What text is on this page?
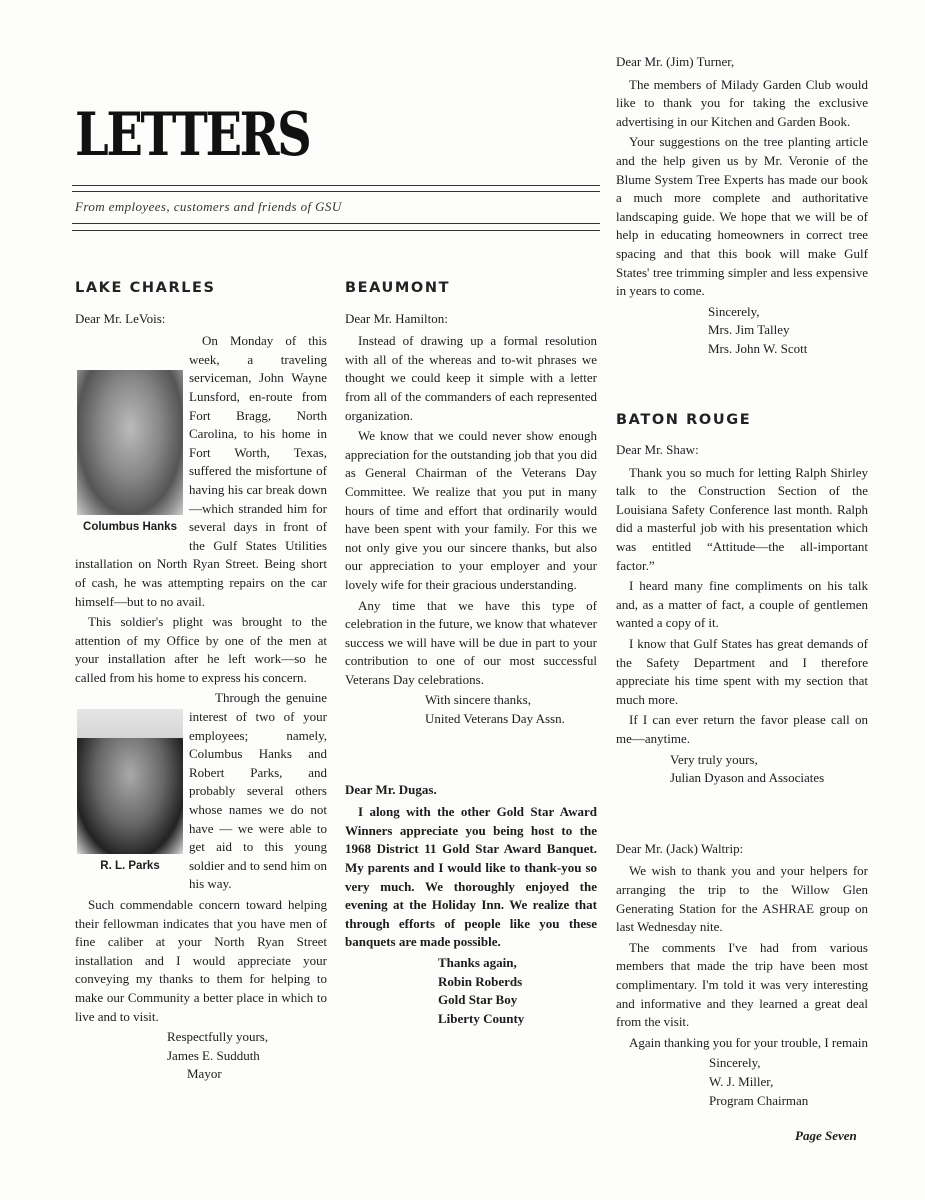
LETTERS
From employees, customers and friends of GSU
LAKE CHARLES

Dear Mr. LeVois:

Columbus Hanks

On Monday of this week, a traveling serviceman, John Wayne Lunsford, en-route from Fort Bragg, North Carolina, to his home in Fort Worth, Texas, suffered the misfortune of having his car break down—which stranded him for several days in front of the Gulf States Utilities installation on North Ryan Street. Being short of cash, he was attempting repairs on the car himself—but to no avail.

This soldier's plight was brought to the attention of my Office by one of the men at your installation after he left work—so he called from his home to express his concern.

R. L. Parks

Through the genuine interest of two of your employees; namely, Columbus Hanks and Robert Parks, and probably several others whose names we do not have — we were able to get aid to this young soldier and to send him on his way.

Such commendable concern toward helping their fellowman indicates that you have men of fine caliber at your North Ryan Street installation and I would appreciate your conveying my thanks to them for helping to make our Community a better place in which to live and to visit.

Respectfully yours,
James E. Sudduth
Mayor
BEAUMONT

Dear Mr. Hamilton:

Instead of drawing up a formal resolution with all of the whereas and to-wit phrases we thought we could keep it simple with a letter from all of the commanders of each represented organization.

We know that we could never show enough appreciation for the outstanding job that you did as General Chairman of the Veterans Day Committee. We realize that you put in many hours of time and effort that ordinarily would have been spent with your family. For this we not only give you our sincere thanks, but also our appreciation to your employer and your lovely wife for their gracious understanding.

Any time that we have this type of celebration in the future, we know that whatever success we will have will be due in part to your contribution to one of our most successful Veterans Day celebrations.

With sincere thanks,
United Veterans Day Assn.

Dear Mr. Dugas.

I along with the other Gold Star Award Winners appreciate you being host to the 1968 District 11 Gold Star Award Banquet. My parents and I would like to thank-you so very much. We thoroughly enjoyed the evening at the Holiday Inn. We realize that through efforts of people like you these banquets are made possible.

Thanks again,
Robin Roberds
Gold Star Boy
Liberty County

Dear Mr. (Jim) Turner,

The members of Milady Garden Club would like to thank you for taking the exclusive advertising in our Kitchen and Garden Book.

Your suggestions on the tree planting article and the help given us by Mr. Veronie of the Blume System Tree Experts has made our book a much more complete and authoritative landscaping guide. We hope that we will be of help in educating homeowners in correct tree spacing and that this book will make Gulf States' tree trimming simpler and less expensive in years to come.

Sincerely,
Mrs. Jim Talley
Mrs. John W. Scott
BATON ROUGE

Dear Mr. Shaw:

Thank you so much for letting Ralph Shirley talk to the Construction Section of the Louisiana Safety Conference last month. Ralph did a masterful job with his presentation which was entitled “Attitude—the all-important factor.”

I heard many fine compliments on his talk and, as a matter of fact, a couple of gentlemen wanted a copy of it.

I know that Gulf States has great demands of the Safety Department and I therefore appreciate his time spent with my section that much more.

If I can ever return the favor please call on me—anytime.

Very truly yours,
Julian Dyason and Associates

Dear Mr. (Jack) Waltrip:

We wish to thank you and your helpers for arranging the trip to the Willow Glen Generating Station for the ASHRAE group on last Wednesday nite.

The comments I've had from various members that made the trip have been most complimentary. I'm told it was very interesting and informative and they learned a great deal from the visit.

Again thanking you for your trouble, I remain

Sincerely,
W. J. Miller,
Program Chairman
Page Seven
